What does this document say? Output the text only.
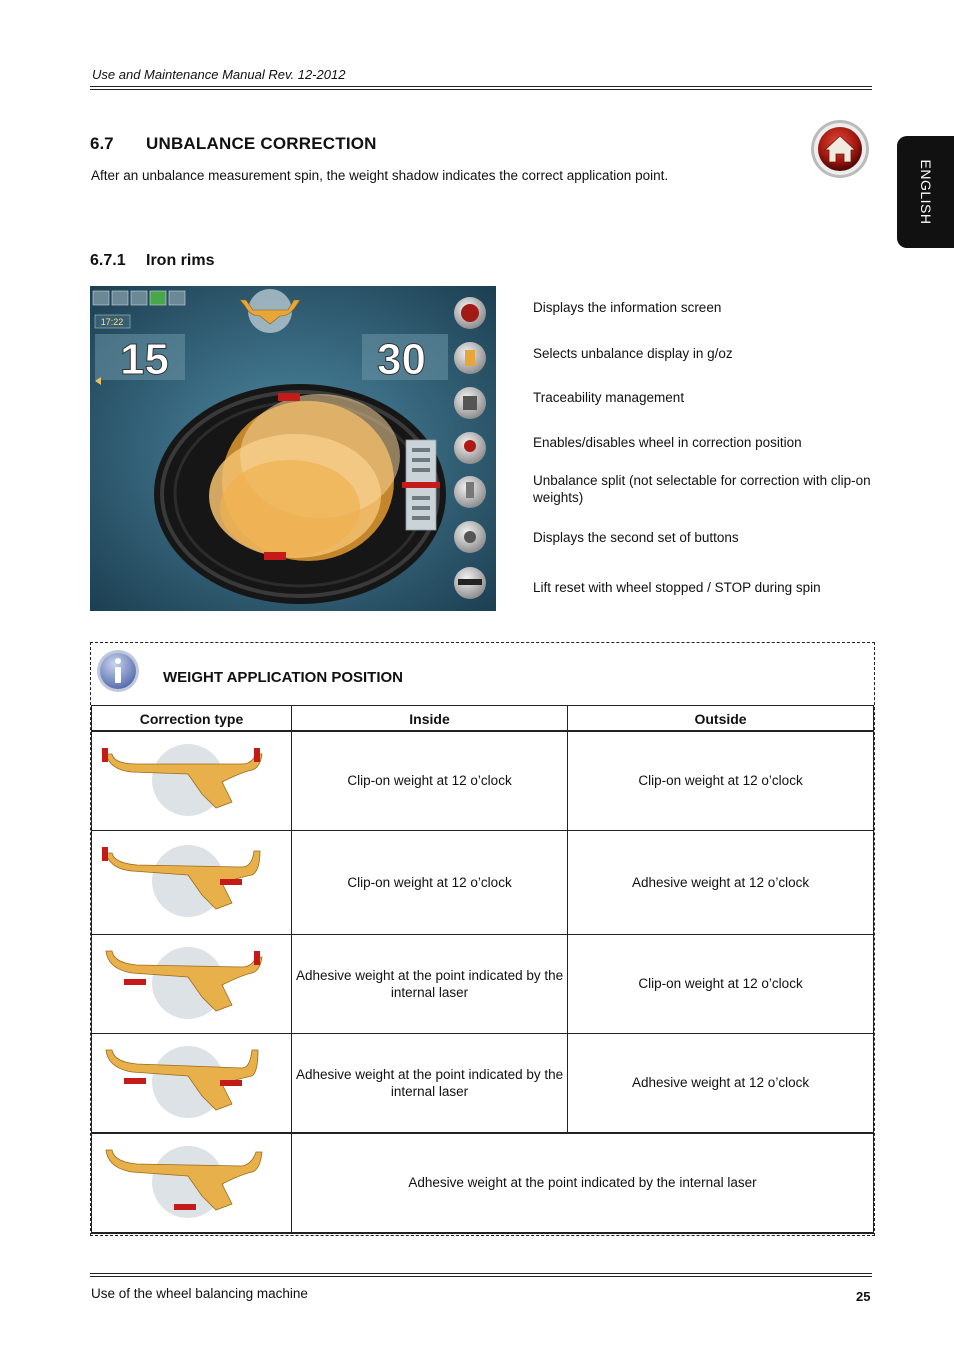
Use and Maintenance Manual Rev. 12-2012
ENGLISH
6.7 UNBALANCE CORRECTION
After an unbalance measurement spin, the weight shadow indicates the correct application point.
6.7.1 Iron rims
17:22
15	30
Displays the information screen
Selects unbalance display in g/oz
Traceability management
Enables/disables wheel in correction position
Unbalance split (not selectable for correction with clip-on weights)
Displays the second set of buttons
Lift reset with wheel stopped / STOP during spin
WEIGHT APPLICATION POSITION
Correction type	Inside	Outside
	Clip-on weight at 12 o’clock	Clip-on weight at 12 o’clock
	Clip-on weight at 12 o’clock	Adhesive weight at 12 o’clock
	Adhesive weight at the point indicated by the internal laser	Clip-on weight at 12 o’clock
	Adhesive weight at the point indicated by the internal laser	Adhesive weight at 12 o’clock
	Adhesive weight at the point indicated by the internal laser	
Use of the wheel balancing machine	25
